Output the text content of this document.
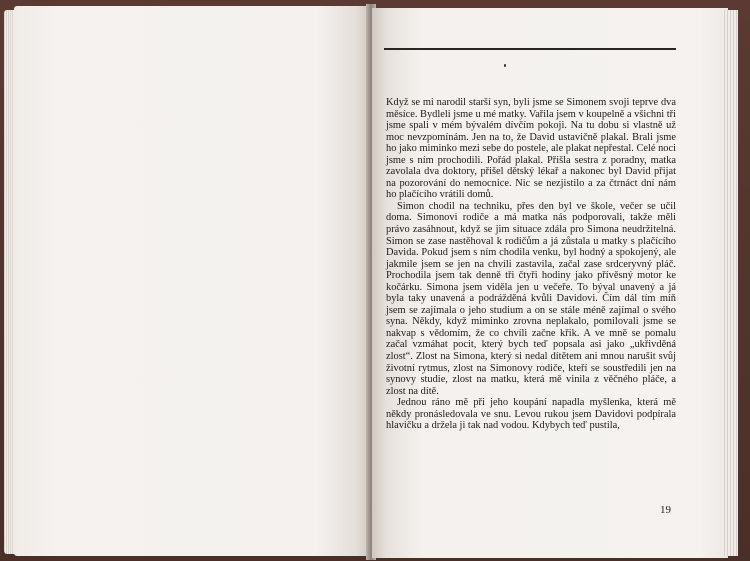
Když se mi narodil starší syn, byli jsme se Simonem svoji teprve dva měsíce. Bydleli jsme u mé matky. Vařila jsem v koupelně a všichni tři jsme spali v mém bývalém dívčím pokoji. Na tu dobu si vlastně už moc nevzpomínám. Jen na to, že David ustavičně plakal. Brali jsme ho jako miminko mezi sebe do postele, ale plakat nepřestal. Celé noci jsme s ním prochodili. Pořád plakal. Přišla sestra z poradny, matka zavolala dva doktory, přišel dětský lékař a nakonec byl David přijat na pozorování do nemocnice. Nic se nezjistilo a za čtrnáct dní nám ho plačícího vrátili domů.

Simon chodil na techniku, přes den byl ve škole, večer se učil doma. Simonovi rodiče a má matka nás podporovali, takže měli právo zasáhnout, když se jim situace zdála pro Simona neudržitelná. Simon se zase nastěhoval k rodičům a já zůstala u matky s plačícího Davida. Pokud jsem s ním chodila venku, byl hodný a spokojený, ale jakmile jsem se jen na chvíli zastavila, začal zase srdceryvný pláč. Prochodila jsem tak denně tři čtyři hodiny jako přívěsný motor ke kočárku. Simona jsem viděla jen u večeře. To býval unavený a já byla taky unavená a podrážděná kvůli Davidovi. Čím dál tím míň jsem se zajímala o jeho studium a on se stále méně zajímal o svého syna. Někdy, když miminko zrovna neplakalo, pomilovali jsme se nakvap s vědomím, že co chvíli začne křik. A ve mně se pomalu začal vzmáhat pocit, který bych teď popsala asi jako „ukřivděná zlost“. Zlost na Simona, který si nedal dítětem ani mnou narušit svůj životní rytmus, zlost na Simonovy rodiče, kteří se soustředili jen na synovy studie, zlost na matku, která mě vinila z věčného pláče, a zlost na dítě.

Jednou ráno mě při jeho koupání napadla myšlenka, která mě někdy pronásledovala ve snu. Levou rukou jsem Davidovi podpírala hlavičku a držela ji tak nad vodou. Kdybych teď pustila,

19
